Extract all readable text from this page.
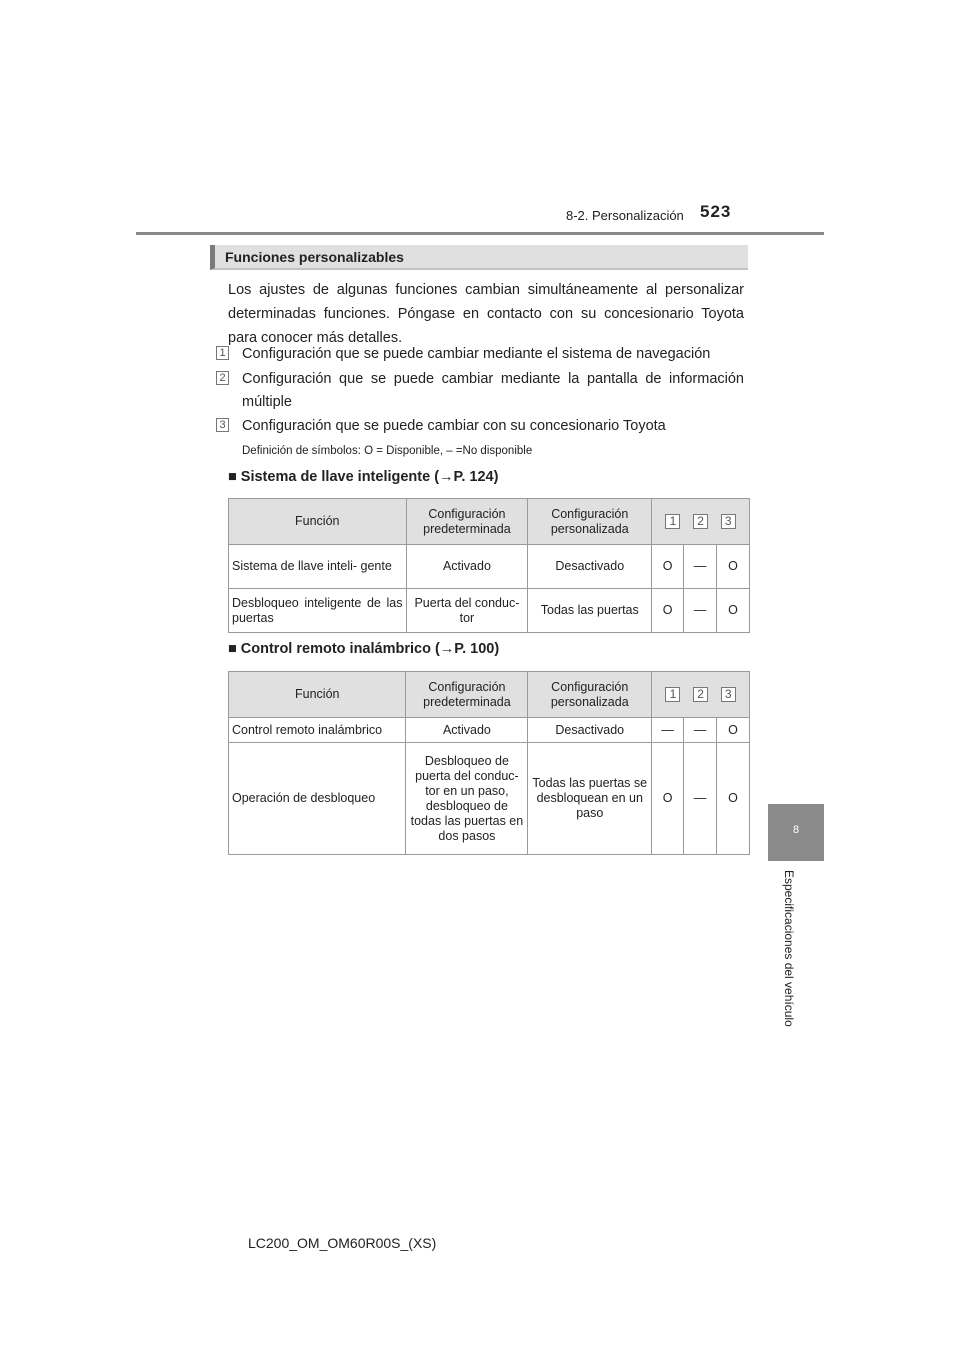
8-2. Personalización 523
8
Especificaciones del vehículo
Funciones personalizables
Los ajustes de algunas funciones cambian simultáneamente al personalizar determinadas funciones. Póngase en contacto con su concesionario Toyota para conocer más detalles.
1 Configuración que se puede cambiar mediante el sistema de navegación
2 Configuración que se puede cambiar mediante la pantalla de información múltiple
3 Configuración que se puede cambiar con su concesionario Toyota
Definición de símbolos: O = Disponible, – =No disponible
■ Sistema de llave inteligente (→P. 124)
Función	Configuración predeterminada	Configuración personalizada	1 2 3		

Sistema de llave inteli- gente	Activado	Desactivado	O	—	O
Desbloqueo inteligente de las puertas	Puerta del conduc- tor	Todas las puertas	O	—	O
■ Control remoto inalámbrico (→P. 100)
Función	Configuración predeterminada	Configuración personalizada	1 2 3		

Control remoto inalámbrico	Activado	Desactivado	—	—	O
Operación de desbloqueo	Desbloqueo de puerta del conduc- tor en un paso, desbloqueo de todas las puertas en dos pasos	Todas las puertas se desbloquean en un paso	O	—	O
LC200_OM_OM60R00S_(XS)
